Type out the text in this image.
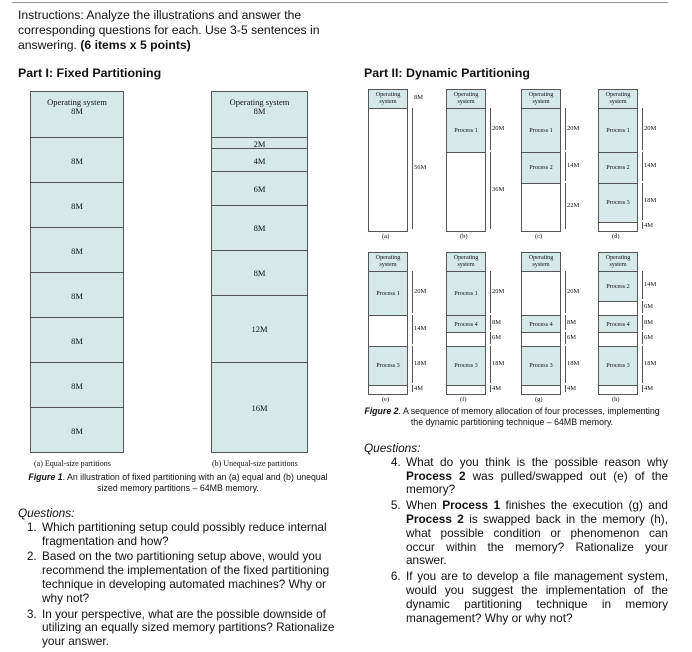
Instructions: Analyze the illustrations and answer the corresponding questions for each. Use 3-5 sentences in answering. (6 items x 5 points)
Part I: Fixed Partitioning
Operating system
8M
8M
8M
8M
8M
8M
8M
8M
Operating system
8M
2M
4M
6M
8M
8M
12M
16M
(a) Equal-size partitions	(b) Unequal-size partitions
Figure 1. An illustration of fixed partitioning with an (a) equal and (b) unequal sized memory partitions – 64MB memory.
Questions:
1. Which partitioning setup could possibly reduce internal fragmentation and how?
2. Based on the two partitioning setup above, would you recommend the implementation of the fixed partitioning technique in developing automated machines? Why or why not?
3. In your perspective, what are the possible downside of utilizing an equally sized memory partitions? Rationalize your answer.
Part II: Dynamic Partitioning
Operating
system
8M
56M
(a)
Operating
system
Process 1	20M
36M
(b)
Operating
system
Process 1
Process 2
20M
14M
22M
(c)
Operating
system
Process 1
Process 2
Process 3
20M
14M
18M
4M
(d)
Operating
system
Process 1
Process 3
20M
14M
18M
4M
(e)
Operating
system
Process 1
Process 4
Process 3
20M
8M
6M
18M
4M
(f)
Operating
system
Process 4
Process 3
20M
8M
6M
18M
4M
(g)
Operating
system
Process 2
Process 4
Process 3
14M
6M
8M
6M
18M
4M
(h)
Figure 2. A sequence of memory allocation of four processes, implementing the dynamic partitioning technique – 64MB memory.
Questions:
4. What do you think is the possible reason why Process 2 was pulled/swapped out (e) of the memory?
5. When Process 1 finishes the execution (g) and Process 2 is swapped back in the memory (h), what possible condition or phenomenon can occur within the memory? Rationalize your answer.
6. If you are to develop a file management system, would you suggest the implementation of the dynamic partitioning technique in memory management? Why or why not?
